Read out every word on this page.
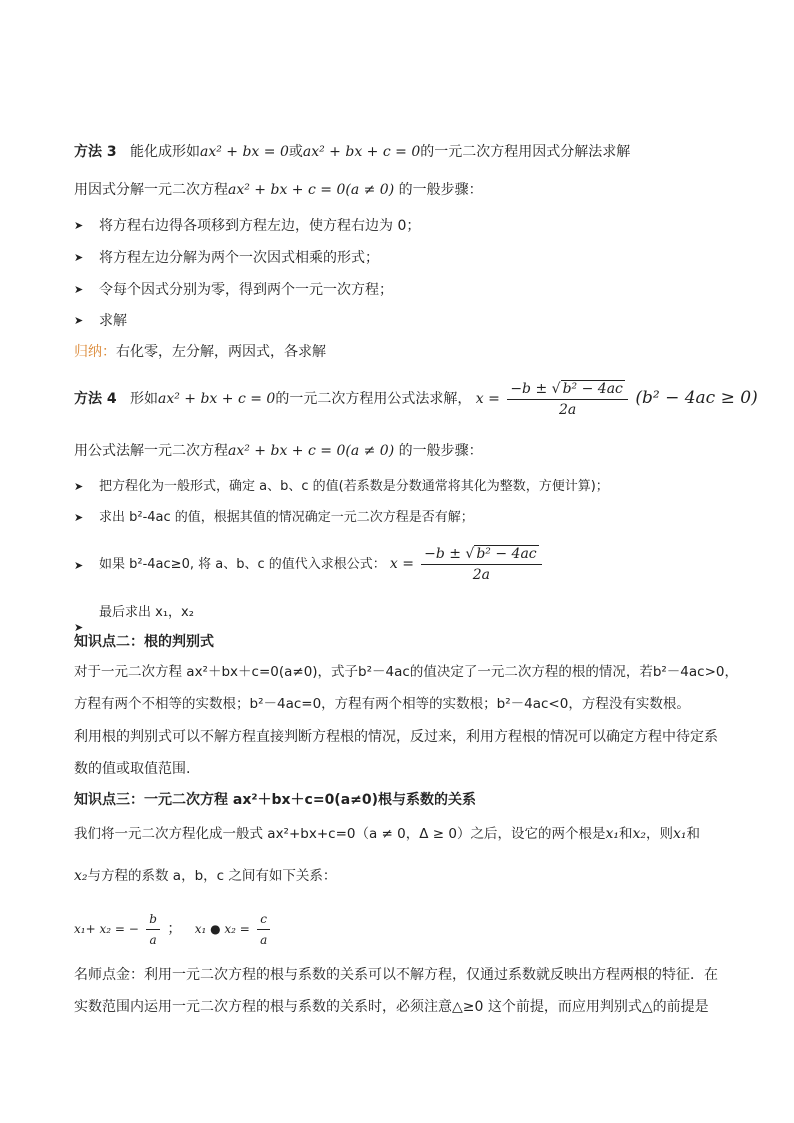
方法 3 能化成形如ax² + bx = 0或ax² + bx + c = 0的一元二次方程用因式分解法求解
用因式分解一元二次方程ax² + bx + c = 0(a ≠ 0) 的一般步骤：
➤ 将方程右边得各项移到方程左边，使方程右边为 0；
➤ 将方程左边分解为两个一次因式相乘的形式；
➤ 令每个因式分别为零，得到两个一元一次方程；
➤ 求解
归纳：右化零，左分解，两因式，各求解
方法 4 形如ax² + bx + c = 0的一元二次方程用公式法求解， $x = \frac{\text{−b ± √ b² − 4ac}}{2a} (b^2 - 4ac \ge 0)$
用公式法解一元二次方程ax² + bx + c = 0(a ≠ 0) 的一般步骤：
➤ 把方程化为一般形式，确定 a、b、c 的值(若系数是分数通常将其化为整数，方便计算)；
➤ 求出 b²-4ac 的值，根据其值的情况确定一元二次方程是否有解；
➤ 如果 b²-4ac≥0, 将 a、b、c 的值代入求根公式： $x = \frac{\text{−b ± √ b² − 4ac}}{2a}$
最后求出 x₁，x₂
➤
知识点二：根的判别式
对于一元二次方程 ax²＋bx＋c=0(a≠0)，式子b²－4ac的值决定了一元二次方程的根的情况，若b²－4ac>0，
方程有两个不相等的实数根；b²－4ac=0，方程有两个相等的实数根；b²－4ac<0，方程没有实数根。
利用根的判别式可以不解方程直接判断方程根的情况，反过来，利用方程根的情况可以确定方程中待定系
数的值或取值范围.
知识点三：一元二次方程 ax²＋bx＋c=0(a≠0)根与系数的关系
我们将一元二次方程化成一般式 ax²+bx+c=0（a ≠ 0，Δ ≥ 0）之后，设它的两个根是x₁和x₂，则x₁和
x₂与方程的系数 a，b，c 之间有如下关系：
x₁+ x₂ = − $\frac{b}{a}$ ； x₁ ● $x_2 = \frac{c}{a}$
名师点金：利用一元二次方程的根与系数的关系可以不解方程，仅通过系数就反映出方程两根的特征．在
实数范围内运用一元二次方程的根与系数的关系时，必须注意△≥0 这个前提，而应用判别式△的前提是
